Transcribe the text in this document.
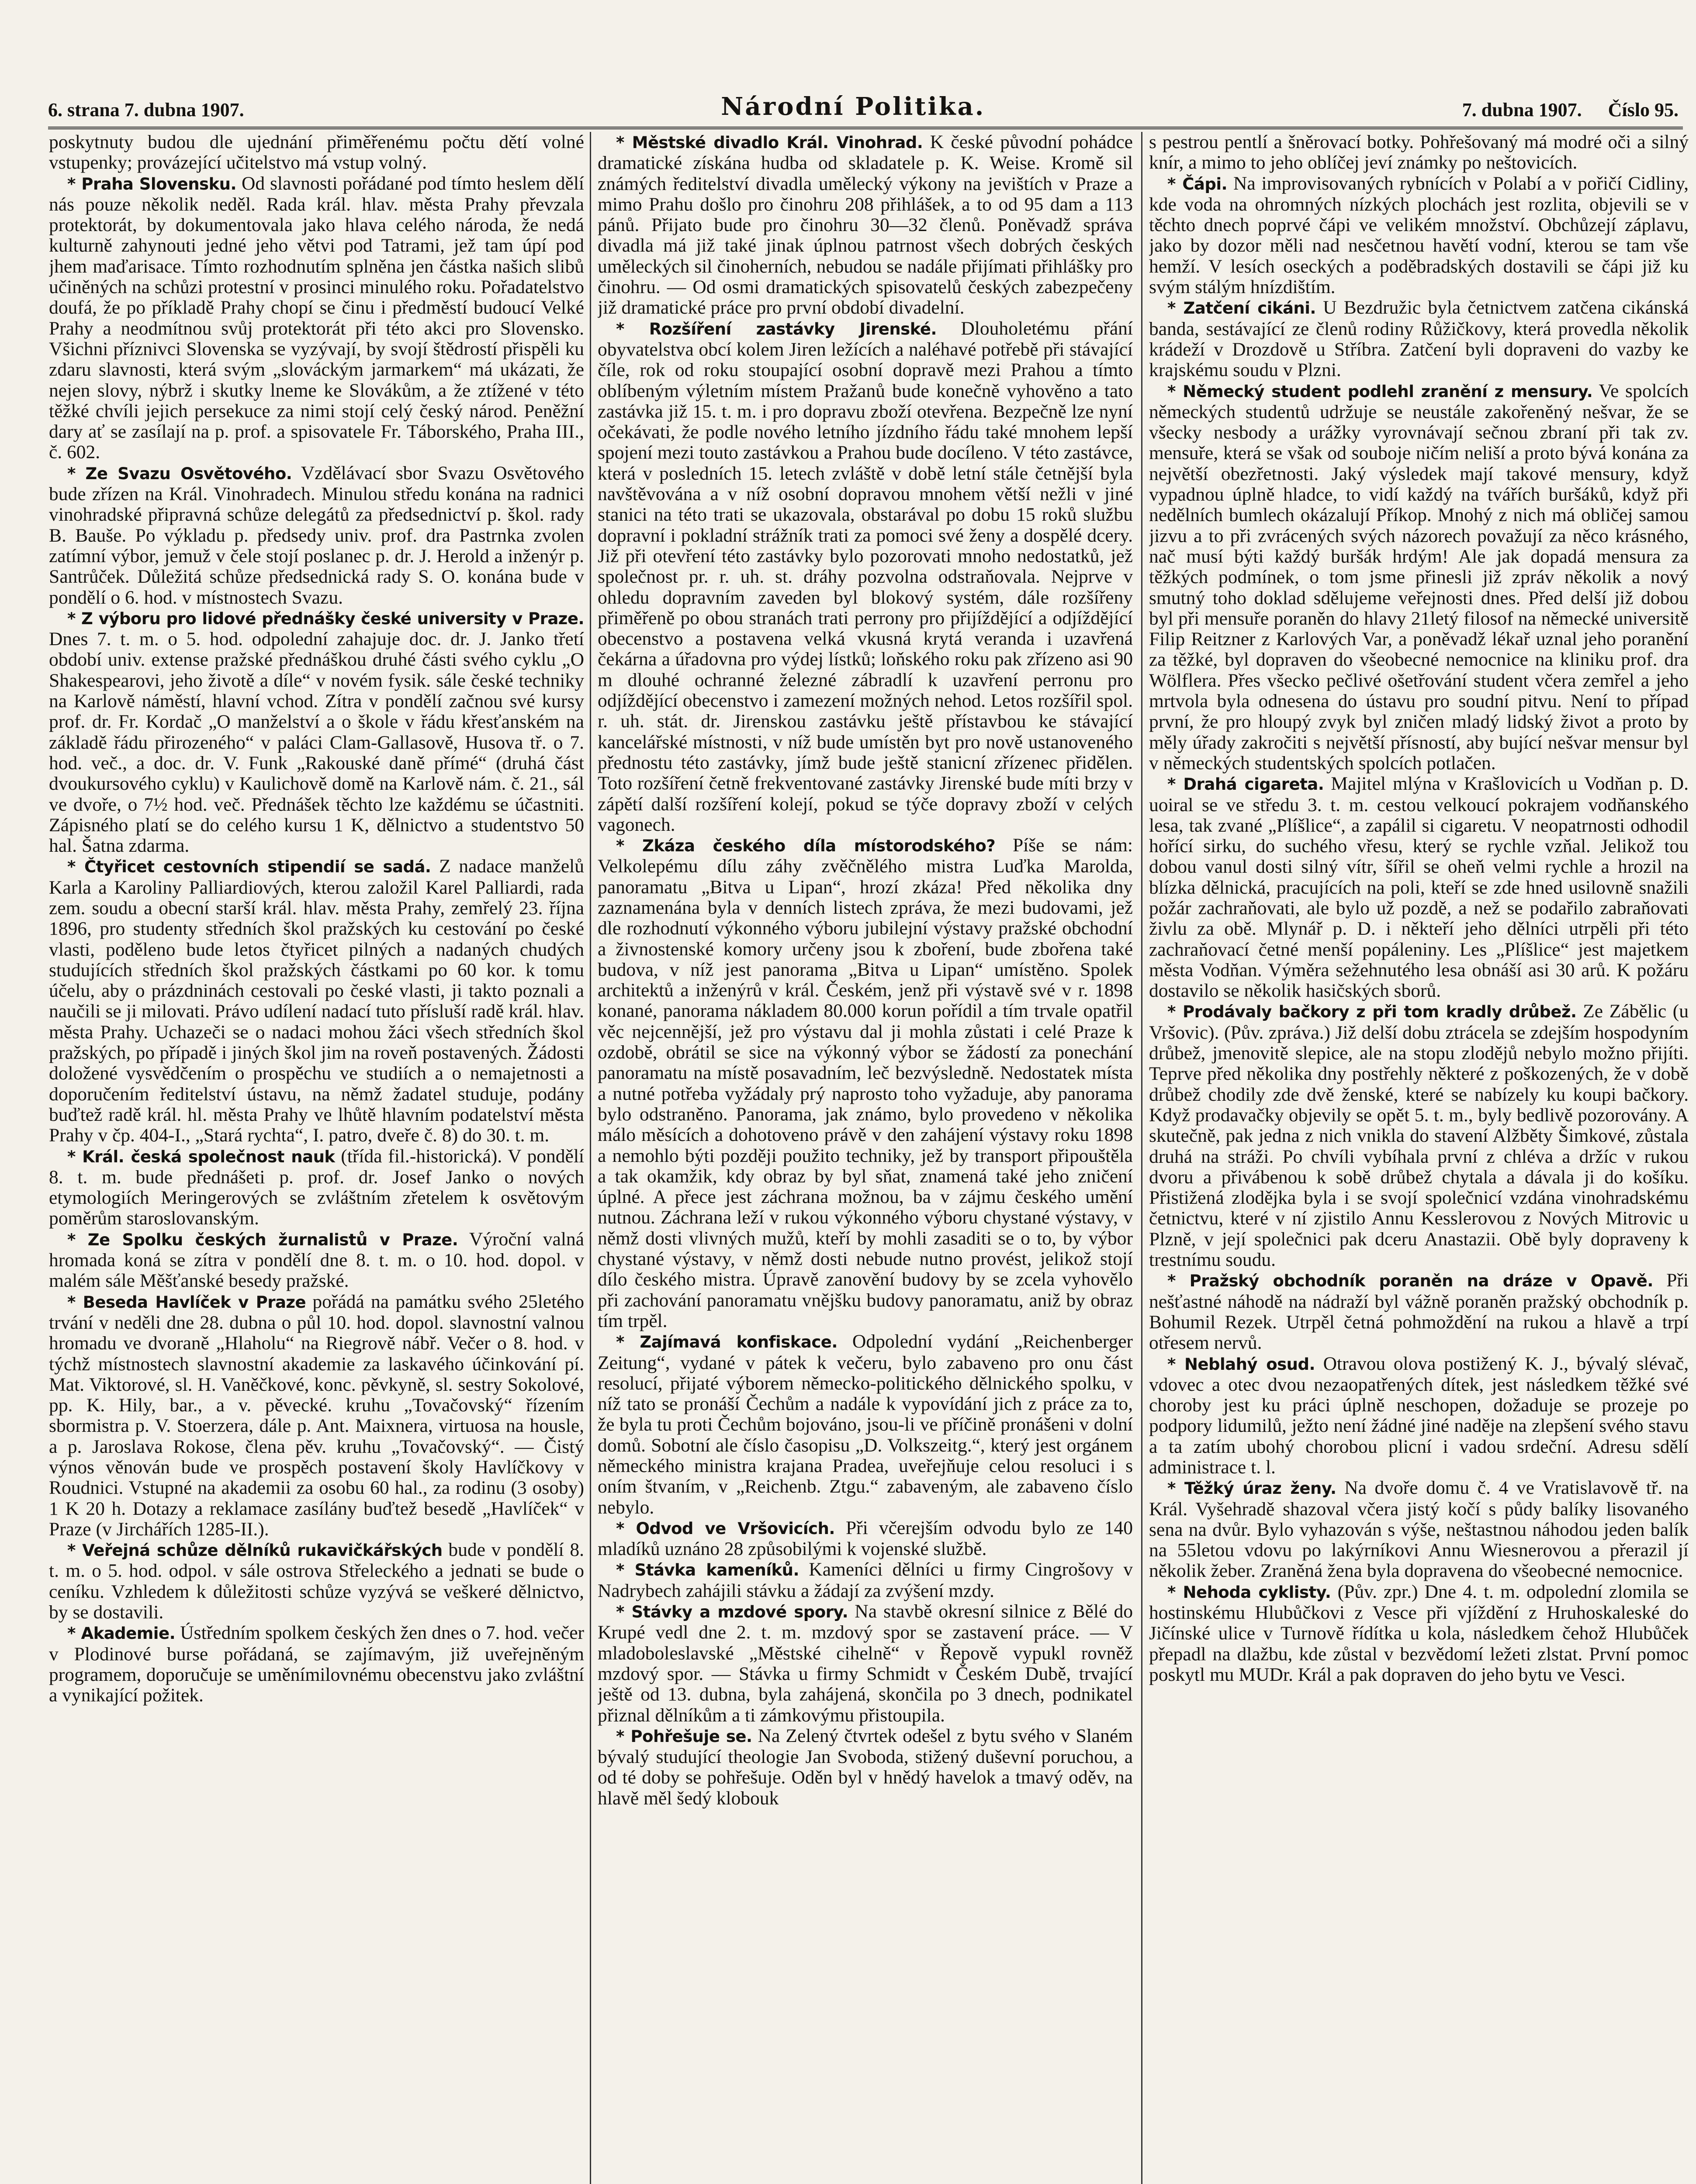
6. strana 7. dubna 1907.	Národní Politika.	7. dubna 1907. Číslo 95.

poskytnuty budou dle ujednání přiměřenému počtu dětí volné vstupenky; provázející učitelstvo má vstup volný.

* Praha Slovensku. Od slavnosti pořádané pod tímto heslem dělí nás pouze několik neděl. Rada král. hlav. města Prahy převzala protektorát, by dokumentovala jako hlava celého národa, že nedá kulturně zahynouti jedné jeho větvi pod Tatrami, jež tam úpí pod jhem maďarisace. Tímto rozhodnutím splněna jen částka našich slibů učiněných na schůzi protestní v prosinci minulého roku. Pořadatelstvo doufá, že po příkladě Prahy chopí se činu i předměstí budoucí Velké Prahy a neodmítnou svůj protektorát při této akci pro Slovensko. Všichni příznivci Slovenska se vyzývají, by svojí štědrostí přispěli ku zdaru slavnosti, která svým „slováckým jarmarkem“ má ukázati, že nejen slovy, nýbrž i skutky lneme ke Slovákům, a že ztížené v této těžké chvíli jejich persekuce za nimi stojí celý český národ. Peněžní dary ať se zasílají na p. prof. a spisovatele Fr. Táborského, Praha III., č. 602.

* Ze Svazu Osvětového. Vzdělávací sbor Svazu Osvětového bude zřízen na Král. Vinohradech. Minulou středu konána na radnici vinohradské připravná schůze delegátů za předsednictví p. škol. rady B. Bauše. Po výkladu p. předsedy univ. prof. dra Pastrnka zvolen zatímní výbor, jemuž v čele stojí poslanec p. dr. J. Herold a inženýr p. Santrůček. Důležitá schůze předsednická rady S. O. konána bude v pondělí o 6. hod. v místnostech Svazu.

* Z výboru pro lidové přednášky české university v Praze. Dnes 7. t. m. o 5. hod. odpolední zahajuje doc. dr. J. Janko třetí období univ. extense pražské přednáškou druhé části svého cyklu „O Shakespearovi, jeho životě a díle“ v novém fysik. sále české techniky na Karlově náměstí, hlavní vchod. Zítra v pondělí začnou své kursy prof. dr. Fr. Kordač „O manželství a o škole v řádu křesťanském na základě řádu přirozeného“ v paláci Clam-Gallasově, Husova tř. o 7. hod. več., a doc. dr. V. Funk „Rakouské daně přímé“ (druhá část dvoukursového cyklu) v Kaulichově domě na Karlově nám. č. 21., sál ve dvoře, o 7½ hod. več. Přednášek těchto lze každému se účastniti. Zápisného platí se do celého kursu 1 K, dělnictvo a studentstvo 50 hal. Šatna zdarma.

* Čtyřicet cestovních stipendií se sadá. Z nadace manželů Karla a Karoliny Palliardiových, kterou založil Karel Palliardi, rada zem. soudu a obecní starší král. hlav. města Prahy, zemřelý 23. října 1896, pro studenty středních škol pražských ku cestování po české vlasti, poděleno bude letos čtyřicet pilných a nadaných chudých studujících středních škol pražských částkami po 60 kor. k tomu účelu, aby o prázdninách cestovali po české vlasti, ji takto poznali a naučili se ji milovati. Právo udílení nadací tuto přísluší radě král. hlav. města Prahy. Uchazeči se o nadaci mohou žáci všech středních škol pražských, po případě i jiných škol jim na roveň postavených. Žádosti doložené vysvědčením o prospěchu ve studiích a o nemajetnosti a doporučením ředitelství ústavu, na němž žadatel studuje, podány buďtež radě král. hl. města Prahy ve lhůtě hlavním podatelství města Prahy v čp. 404-I., „Stará rychta“, I. patro, dveře č. 8) do 30. t. m.

* Král. česká společnost nauk (třída fil.-historická). V pondělí 8. t. m. bude přednášeti p. prof. dr. Josef Janko o nových etymologiích Meringerových se zvláštním zřetelem k osvětovým poměrům staroslovanským.

* Ze Spolku českých žurnalistů v Praze. Výroční valná hromada koná se zítra v pondělí dne 8. t. m. o 10. hod. dopol. v malém sále Měšťanské besedy pražské.

* Beseda Havlíček v Praze pořádá na památku svého 25letého trvání v neděli dne 28. dubna o půl 10. hod. dopol. slavnostní valnou hromadu ve dvoraně „Hlaholu“ na Riegrově nábř. Večer o 8. hod. v týchž místnostech slavnostní akademie za laskavého účinkování pí. Mat. Viktorové, sl. H. Vaněčkové, konc. pěvkyně, sl. sestry Sokolové, pp. K. Hily, bar., a v. pěvecké. kruhu „Tovačovský“ řízením sbormistra p. V. Stoerzera, dále p. Ant. Maixnera, virtuosa na housle, a p. Jaroslava Rokose, člena pěv. kruhu „Tovačovský“. — Čistý výnos věnován bude ve prospěch postavení školy Havlíčkovy v Roudnici. Vstupné na akademii za osobu 60 hal., za rodinu (3 osoby) 1 K 20 h. Dotazy a reklamace zasílány buďtež besedě „Havlíček“ v Praze (v Jirchářích 1285-II.).

* Veřejná schůze dělníků rukavičkářských bude v pondělí 8. t. m. o 5. hod. odpol. v sále ostrova Střeleckého a jednati se bude o ceníku. Vzhledem k důležitosti schůze vyzývá se veškeré dělnictvo, by se dostavili.

* Akademie. Ústředním spolkem českých žen dnes o 7. hod. večer v Plodinové burse pořádaná, se zajímavým, již uveřejněným programem, doporučuje se uměnímilovnému obecenstvu jako zvláštní a vynikající požitek.

* Městské divadlo Král. Vinohrad. K české původní pohádce dramatické získána hudba od skladatele p. K. Weise. Kromě sil známých ředitelství divadla umělecký výkony na jevištích v Praze a mimo Prahu došlo pro činohru 208 přihlášek, a to od 95 dam a 113 pánů. Přijato bude pro činohru 30—32 členů. Poněvadž správa divadla má již také jinak úplnou patrnost všech dobrých českých uměleckých sil činoherních, nebudou se nadále přijímati přihlášky pro činohru. — Od osmi dramatických spisovatelů českých zabezpečeny již dramatické práce pro první období divadelní.

* Rozšíření zastávky Jirenské. Dlouholetému přání obyvatelstva obcí kolem Jiren ležících a naléhavé potřebě při stávající číle, rok od roku stoupající osobní dopravě mezi Prahou a tímto oblíbeným výletním místem Pražanů bude konečně vyhověno a tato zastávka již 15. t. m. i pro dopravu zboží otevřena. Bezpečně lze nyní očekávati, že podle nového letního jízdního řádu také mnohem lepší spojení mezi touto zastávkou a Prahou bude docíleno. V této zastávce, která v posledních 15. letech zvláště v době letní stále četnější byla navštěvována a v níž osobní dopravou mnohem větší nežli v jiné stanici na této trati se ukazovala, obstarával po dobu 15 roků službu dopravní i pokladní strážník trati za pomoci své ženy a dospělé dcery. Již při otevření této zastávky bylo pozorovati mnoho nedostatků, jež společnost pr. r. uh. st. dráhy pozvolna odstraňovala. Nejprve v ohledu dopravním zaveden byl blokový systém, dále rozšířeny přiměřeně po obou stranách trati perrony pro přijíždějící a odjíždějící obecenstvo a postavena velká vkusná krytá veranda i uzavřená čekárna a úřadovna pro výdej lístků; loňského roku pak zřízeno asi 90 m dlouhé ochranné železné zábradlí k uzavření perronu pro odjíždějící obecenstvo i zamezení možných nehod. Letos rozšířil spol. r. uh. stát. dr. Jirenskou zastávku ještě přístavbou ke stávající kancelářské místnosti, v níž bude umístěn byt pro nově ustanoveného přednostu této zastávky, jímž bude ještě stanicní zřízenec přidělen. Toto rozšíření četně frekventované zastávky Jirenské bude míti brzy v zápětí další rozšíření kolejí, pokud se týče dopravy zboží v celých vagonech.

* Zkáza českého díla místorodského? Píše se nám: Velkolepému dílu záhy zvěčnělého mistra Luďka Marolda, panoramatu „Bitva u Lipan“, hrozí zkáza! Před několika dny zaznamenána byla v denních listech zpráva, že mezi budovami, jež dle rozhodnutí výkonného výboru jubilejní výstavy pražské obchodní a živnostenské komory určeny jsou k zboření, bude zbořena také budova, v níž jest panorama „Bitva u Lipan“ umístěno. Spolek architektů a inženýrů v král. Českém, jenž při výstavě své v r. 1898 konané, panorama nákladem 80.000 korun pořídil a tím trvale opatřil věc nejcennější, jež pro výstavu dal ji mohla zůstati i celé Praze k ozdobě, obrátil se sice na výkonný výbor se žádostí za ponechání panoramatu na místě posavadním, leč bezvýsledně. Nedostatek místa a nutné potřeba vyžádaly prý naprosto toho vyžaduje, aby panorama bylo odstraněno. Panorama, jak známo, bylo provedeno v několika málo měsících a dohotoveno právě v den zahájení výstavy roku 1898 a nemohlo býti později použito techniky, jež by transport připouštěla a tak okamžik, kdy obraz by byl sňat, znamená také jeho zničení úplné. A přece jest záchrana možnou, ba v zájmu českého umění nutnou. Záchrana leží v rukou výkonného výboru chystané výstavy, v němž dosti vlivných mužů, kteří by mohli zasaditi se o to, by výbor chystané výstavy, v němž dosti nebude nutno provést, jelikož stojí dílo českého mistra. Úpravě zanovění budovy by se zcela vyhovělo při zachování panoramatu vnějšku budovy panoramatu, aniž by obraz tím trpěl.

* Zajímavá konfiskace. Odpolední vydání „Reichenberger Zeitung“, vydané v pátek k večeru, bylo zabaveno pro onu část resolucí, přijaté výborem německo-politického dělnického spolku, v níž tato se pronáší Čechům a nadále k vypovídání jich z práce za to, že byla tu proti Čechům bojováno, jsou-li ve příčině pronášeni v dolní domů. Sobotní ale číslo časopisu „D. Volkszeitg.“, který jest orgánem německého ministra krajana Pradea, uveřejňuje celou resoluci i s oním štvaním, v „Reichenb. Ztgu.“ zabaveným, ale zabaveno číslo nebylo.

* Odvod ve Vršovicích. Při včerejším odvodu bylo ze 140 mladíků uznáno 28 způsobilými k vojenské službě.

* Stávka kameníků. Kameníci dělníci u firmy Cingrošovy v Nadrybech zahájili stávku a žádají za zvýšení mzdy.

* Stávky a mzdové spory. Na stavbě okresní silnice z Bělé do Krupé vedl dne 2. t. m. mzdový spor se zastavení práce. — V mladoboleslavské „Městské cihelně“ v Řepově vypukl rovněž mzdový spor. — Stávka u firmy Schmidt v Českém Dubě, trvající ještě od 13. dubna, byla zahájená, skončila po 3 dnech, podnikatel přiznal dělníkům a ti zámkovýmu přistoupila.

* Pohřešuje se. Na Zelený čtvrtek odešel z bytu svého v Slaném bývalý studující theologie Jan Svoboda, stižený duševní poruchou, a od té doby se pohřešuje. Oděn byl v hnědý havelok a tmavý oděv, na hlavě měl šedý klobouk

s pestrou pentlí a šněrovací botky. Pohřešovaný má modré oči a silný knír, a mimo to jeho oblíčej jeví známky po neštovicích.

* Čápi. Na improvisovaných rybnících v Polabí a v pořičí Cidliny, kde voda na ohromných nízkých plochách jest rozlita, objevili se v těchto dnech poprvé čápi ve velikém množství. Obchůzejí záplavu, jako by dozor měli nad nesčetnou havětí vodní, kterou se tam vše hemží. V lesích oseckých a poděbradských dostavili se čápi již ku svým stálým hnízdištím.

* Zatčení cikáni. U Bezdružic byla četnictvem zatčena cikánská banda, sestávající ze členů rodiny Růžičkovy, která provedla několik krádeží v Drozdově u Stříbra. Zatčení byli dopraveni do vazby ke krajskému soudu v Plzni.

* Německý student podlehl zranění z mensury. Ve spolcích německých studentů udržuje se neustále zakořeněný nešvar, že se všecky nesbody a urážky vyrovnávají sečnou zbraní při tak zv. mensuře, která se však od souboje ničím neliší a proto bývá konána za největší obezřetnosti. Jaký výsledek mají takové mensury, když vypadnou úplně hladce, to vidí každý na tvářích buršáků, když při nedělních bumlech okázalují Příkop. Mnohý z nich má obličej samou jizvu a to při zvrácených svých názorech považují za něco krásného, nač musí býti každý buršák hrdým! Ale jak dopadá mensura za těžkých podmínek, o tom jsme přinesli již zpráv několik a nový smutný toho doklad sdělujeme veřejnosti dnes. Před delší již dobou byl při mensuře poraněn do hlavy 21letý filosof na německé universitě Filip Reitzner z Karlových Var, a poněvadž lékař uznal jeho poranění za těžké, byl dopraven do všeobecné nemocnice na kliniku prof. dra Wölflera. Přes všecko pečlivé ošetřování student včera zemřel a jeho mrtvola byla odnesena do ústavu pro soudní pitvu. Není to případ první, že pro hloupý zvyk byl zničen mladý lidský život a proto by měly úřady zakročiti s největší přísností, aby bující nešvar mensur byl v německých studentských spolcích potlačen.

* Drahá cigareta. Majitel mlýna v Krašlovicích u Vodňan p. D. uoiral se ve středu 3. t. m. cestou velkoucí pokrajem vodňanského lesa, tak zvané „Plíšlice“, a zapálil si cigaretu. V neopatrnosti odhodil hořící sirku, do suchého vřesu, který se rychle vzňal. Jelikož tou dobou vanul dosti silný vítr, šířil se oheň velmi rychle a hrozil na blízka dělnická, pracujících na poli, kteří se zde hned usilovně snažili požár zachraňovati, ale bylo už pozdě, a než se podařilo zabraňovati živlu za obě. Mlynář p. D. i někteří jeho dělníci utrpěli při této zachraňovací četné menší popáleniny. Les „Plíšlice“ jest majetkem města Vodňan. Výměra sežehnutého lesa obnáší asi 30 arů. K požáru dostavilo se několik hasičských sborů.

* Prodávaly bačkory z při tom kradly drůbež. Ze Zábělic (u Vršovic). (Pův. zpráva.) Již delší dobu ztrácela se zdejším hospodyním drůbež, jmenovitě slepice, ale na stopu zlodějů nebylo možno přijíti. Teprve před několika dny postřehly některé z poškozených, že v době drůbež chodily zde dvě ženské, které se nabízely ku koupi bačkory. Když prodavačky objevily se opět 5. t. m., byly bedlivě pozorovány. A skutečně, pak jedna z nich vnikla do stavení Alžběty Šimkové, zůstala druhá na stráži. Po chvíli vybíhala první z chléva a držíc v rukou dvoru a přivábenou k sobě drůbež chytala a dávala ji do košíku. Přistižená zlodějka byla i se svojí společnicí vzdána vinohradskému četnictvu, které v ní zjistilo Annu Kesslerovou z Nových Mitrovic u Plzně, v její společnici pak dceru Anastazii. Obě byly dopraveny k trestnímu soudu.

* Pražský obchodník poraněn na dráze v Opavě. Při nešťastné náhodě na nádraží byl vážně poraněn pražský obchodník p. Bohumil Rezek. Utrpěl četná pohmoždění na rukou a hlavě a trpí otřesem nervů.

* Neblahý osud. Otravou olova postižený K. J., bývalý slévač, vdovec a otec dvou nezaopatřených dítek, jest následkem těžké své choroby jest ku práci úplně neschopen, dožaduje se prozeje po podpory lidumilů, ježto není žádné jiné naděje na zlepšení svého stavu a ta zatím ubohý chorobou plicní i vadou srdeční. Adresu sdělí administrace t. l.

* Těžký úraz ženy. Na dvoře domu č. 4 ve Vratislavově tř. na Král. Vyšehradě shazoval včera jistý kočí s půdy balíky lisovaného sena na dvůr. Bylo vyhazován s výše, neštastnou náhodou jeden balík na 55letou vdovu po lakýrníkovi Annu Wiesnerovou a přerazil jí několik žeber. Zraněná žena byla dopravena do všeobecné nemocnice.

* Nehoda cyklisty. (Pův. zpr.) Dne 4. t. m. odpolední zlomila se hostinskému Hlubůčkovi z Vesce při vjíždění z Hruhoskaleské do Jičínské ulice v Turnově řídítka u kola, následkem čehož Hlubůček přepadl na dlažbu, kde zůstal v bezvědomí ležeti zlstat. První pomoc poskytl mu MUDr. Král a pak dopraven do jeho bytu ve Vesci.
